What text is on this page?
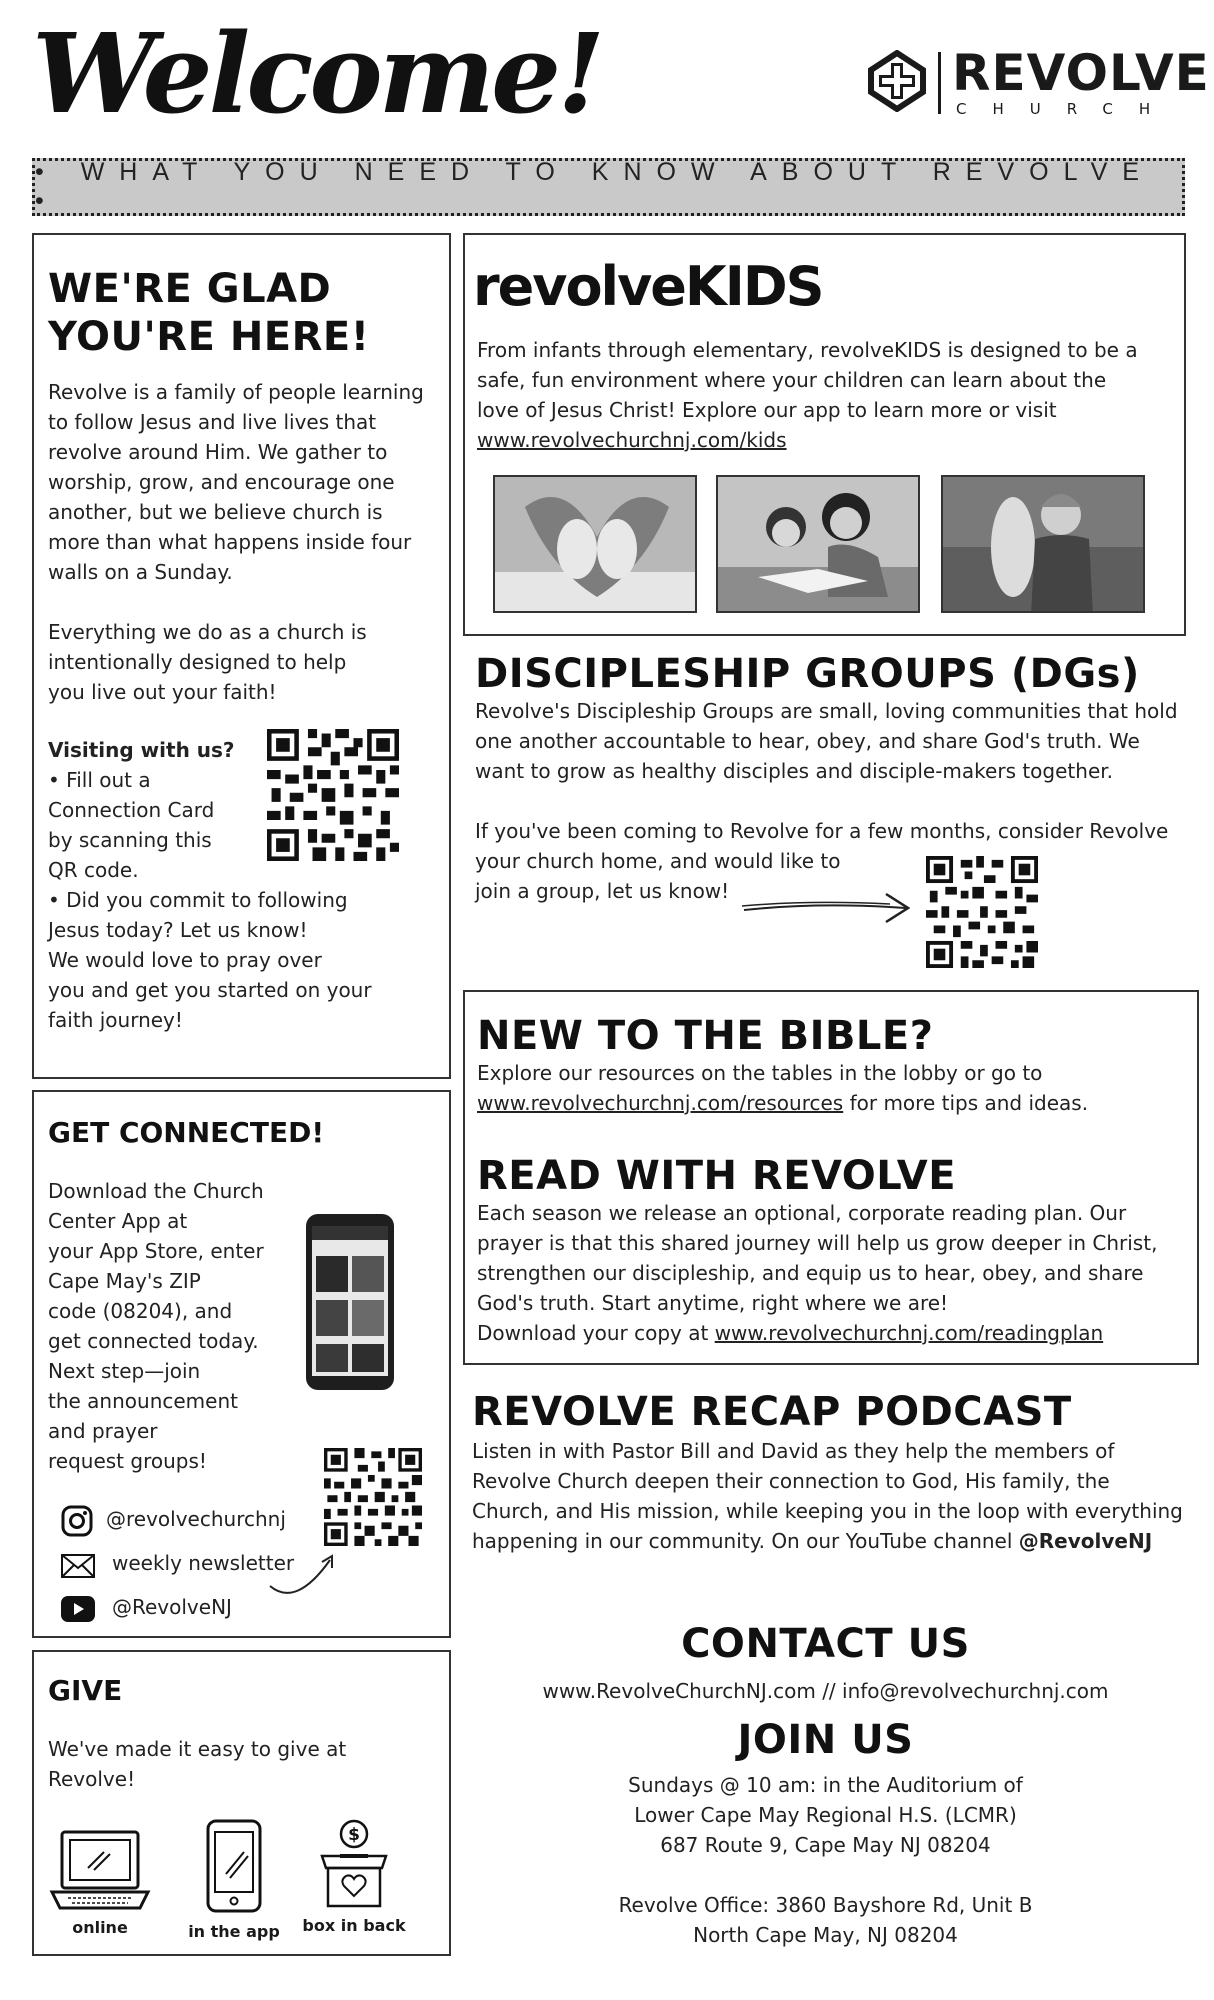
Welcome!	REVOLVE
CHURCH
• WHAT YOU NEED TO KNOW ABOUT REVOLVE •
WE'RE GLAD
YOU'RE HERE!
Revolve is a family of people learning
to follow Jesus and live lives that
revolve around Him. We gather to
worship, grow, and encourage one
another, but we believe church is
more than what happens inside four
walls on a Sunday.
Everything we do as a church is
intentionally designed to help
you live out your faith!
Visiting with us?
• Fill out a
Connection Card
by scanning this
QR code.
• Did you commit to following
Jesus today? Let us know!
We would love to pray over
you and get you started on your
faith journey!
revolveKIDS
From infants through elementary, revolveKIDS is designed to be a
safe, fun environment where your children can learn about the
love of Jesus Christ! Explore our app to learn more or visit
www.revolvechurchnj.com/kids
DISCIPLESHIP GROUPS (DGs)
Revolve's Discipleship Groups are small, loving communities that hold
one another accountable to hear, obey, and share God's truth. We
want to grow as healthy disciples and disciple-makers together.
If you've been coming to Revolve for a few months, consider Revolve
your church home, and would like to
join a group, let us know!
NEW TO THE BIBLE?
Explore our resources on the tables in the lobby or go to
www.revolvechurchnj.com/resources for more tips and ideas.
READ WITH REVOLVE
Each season we release an optional, corporate reading plan. Our
prayer is that this shared journey will help us grow deeper in Christ,
strengthen our discipleship, and equip us to hear, obey, and share
God's truth. Start anytime, right where we are!
Download your copy at www.revolvechurchnj.com/readingplan
REVOLVE RECAP PODCAST
Listen in with Pastor Bill and David as they help the members of
Revolve Church deepen their connection to God, His family, the
Church, and His mission, while keeping you in the loop with everything
happening in our community. On our YouTube channel @RevolveNJ
GET CONNECTED!
Download the Church
Center App at
your App Store, enter
Cape May's ZIP
code (08204), and
get connected today.
Next step—join
the announcement
and prayer
request groups!
@revolvechurchnj
weekly newsletter
@RevolveNJ
GIVE
We've made it easy to give at
Revolve!
online	in the app
$
box in back
CONTACT US
www.RevolveChurchNJ.com // info@revolvechurchnj.com
JOIN US
Sundays @ 10 am: in the Auditorium of
Lower Cape May Regional H.S. (LCMR)
687 Route 9, Cape May NJ 08204
Revolve Office: 3860 Bayshore Rd, Unit B
North Cape May, NJ 08204
